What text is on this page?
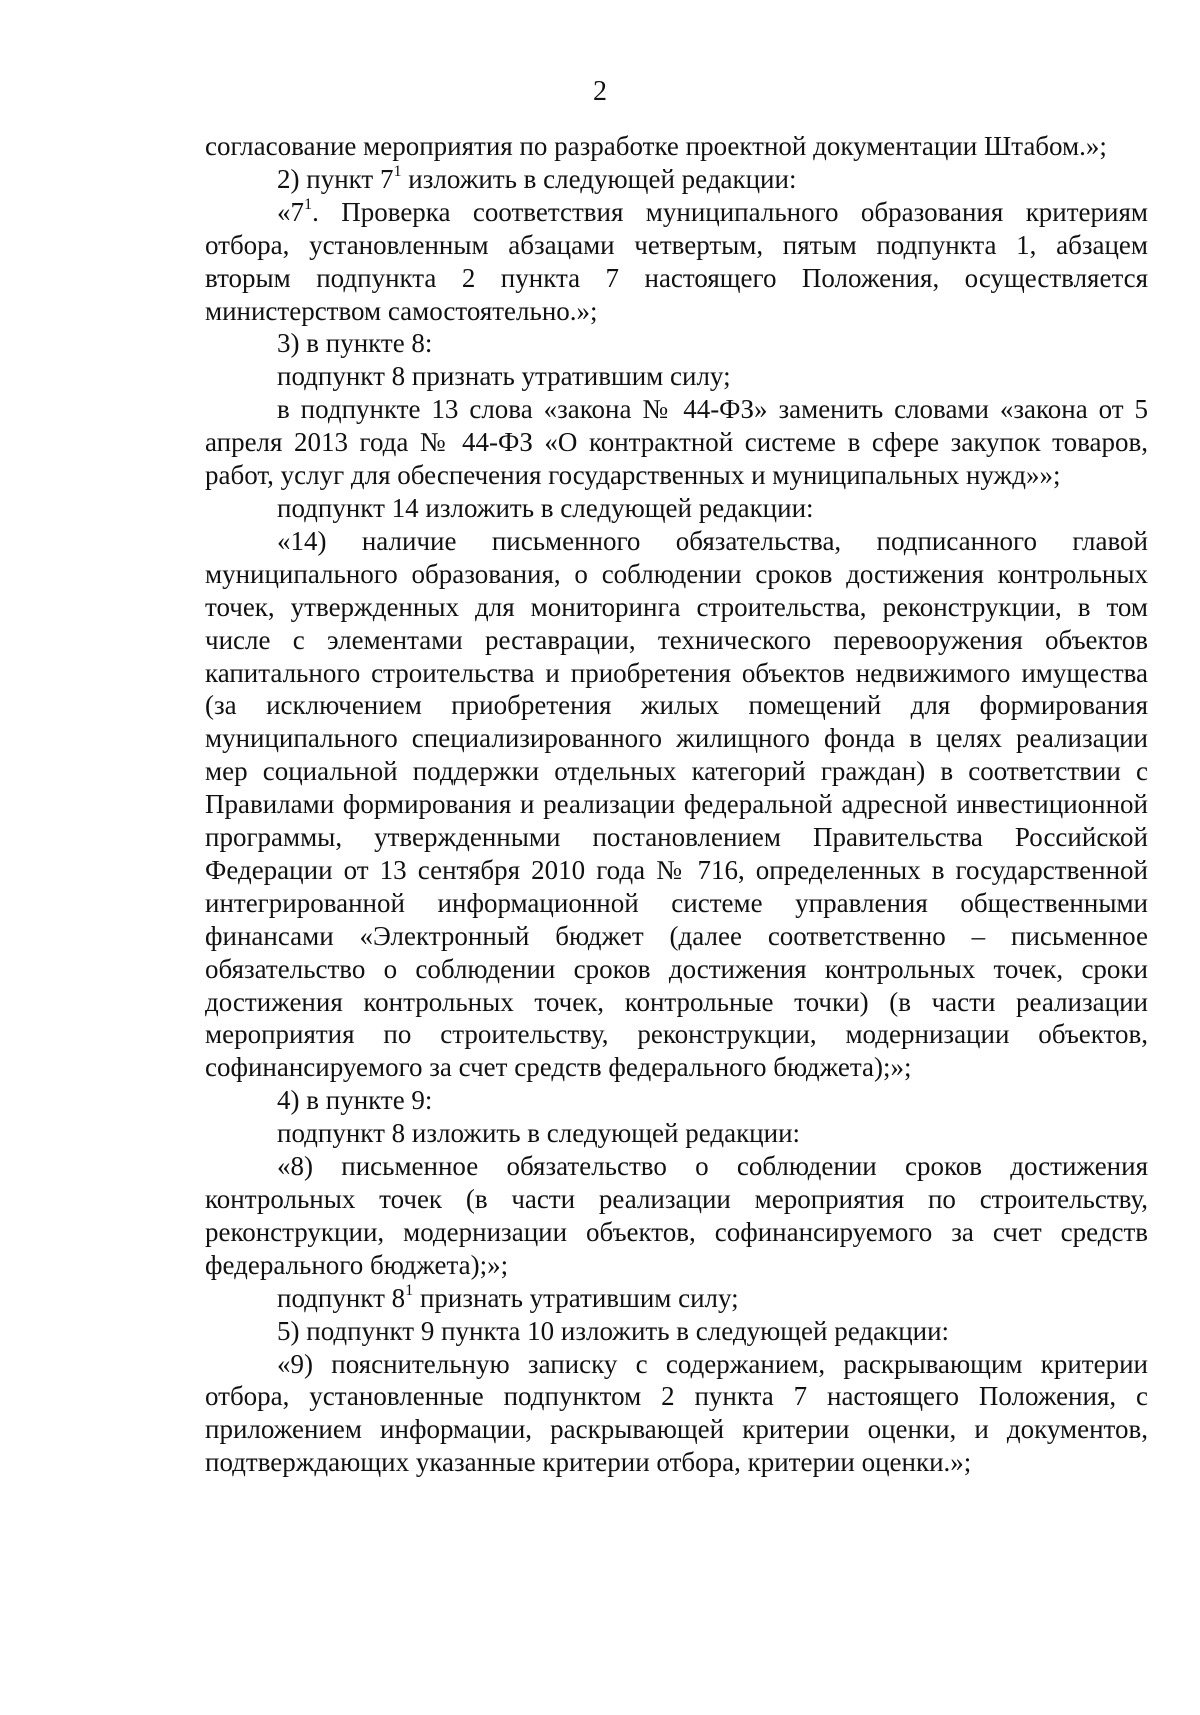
2

согласование мероприятия по разработке проектной документации Штабом.»;

2) пункт $7^1$ изложить в следующей редакции:

«$7^1$. Проверка соответствия муниципального образования критериям отбора, установленным абзацами четвертым, пятым подпункта 1, абзацем вторым подпункта 2 пункта 7 настоящего Положения, осуществляется министерством самостоятельно.»;

3) в пункте 8:

подпункт 8 признать утратившим силу;

в подпункте 13 слова «закона № 44-ФЗ» заменить словами «закона от 5 апреля 2013 года № 44-ФЗ «О контрактной системе в сфере закупок товаров, работ, услуг для обеспечения государственных и муниципальных нужд»»;

подпункт 14 изложить в следующей редакции:

«14) наличие письменного обязательства, подписанного главой муниципального образования, о соблюдении сроков достижения контрольных точек, утвержденных для мониторинга строительства, реконструкции, в том числе с элементами реставрации, технического перевооружения объектов капитального строительства и приобретения объектов недвижимого имущества (за исключением приобретения жилых помещений для формирования муниципального специализированного жилищного фонда в целях реализации мер социальной поддержки отдельных категорий граждан) в соответствии с Правилами формирования и реализации федеральной адресной инвестиционной программы, утвержденными постановлением Правительства Российской Федерации от 13 сентября 2010 года № 716, определенных в государственной интегрированной информационной системе управления общественными финансами «Электронный бюджет (далее соответственно – письменное обязательство о соблюдении сроков достижения контрольных точек, сроки достижения контрольных точек, контрольные точки) (в части реализации мероприятия по строительству, реконструкции, модернизации объектов, софинансируемого за счет средств федерального бюджета);»;

4) в пункте 9:

подпункт 8 изложить в следующей редакции:

«8) письменное обязательство о соблюдении сроков достижения контрольных точек (в части реализации мероприятия по строительству, реконструкции, модернизации объектов, софинансируемого за счет средств федерального бюджета);»;

подпункт $8^1$ признать утратившим силу;

5) подпункт 9 пункта 10 изложить в следующей редакции:

«9) пояснительную записку с содержанием, раскрывающим критерии отбора, установленные подпунктом 2 пункта 7 настоящего Положения, с приложением информации, раскрывающей критерии оценки, и документов, подтверждающих указанные критерии отбора, критерии оценки.»;
